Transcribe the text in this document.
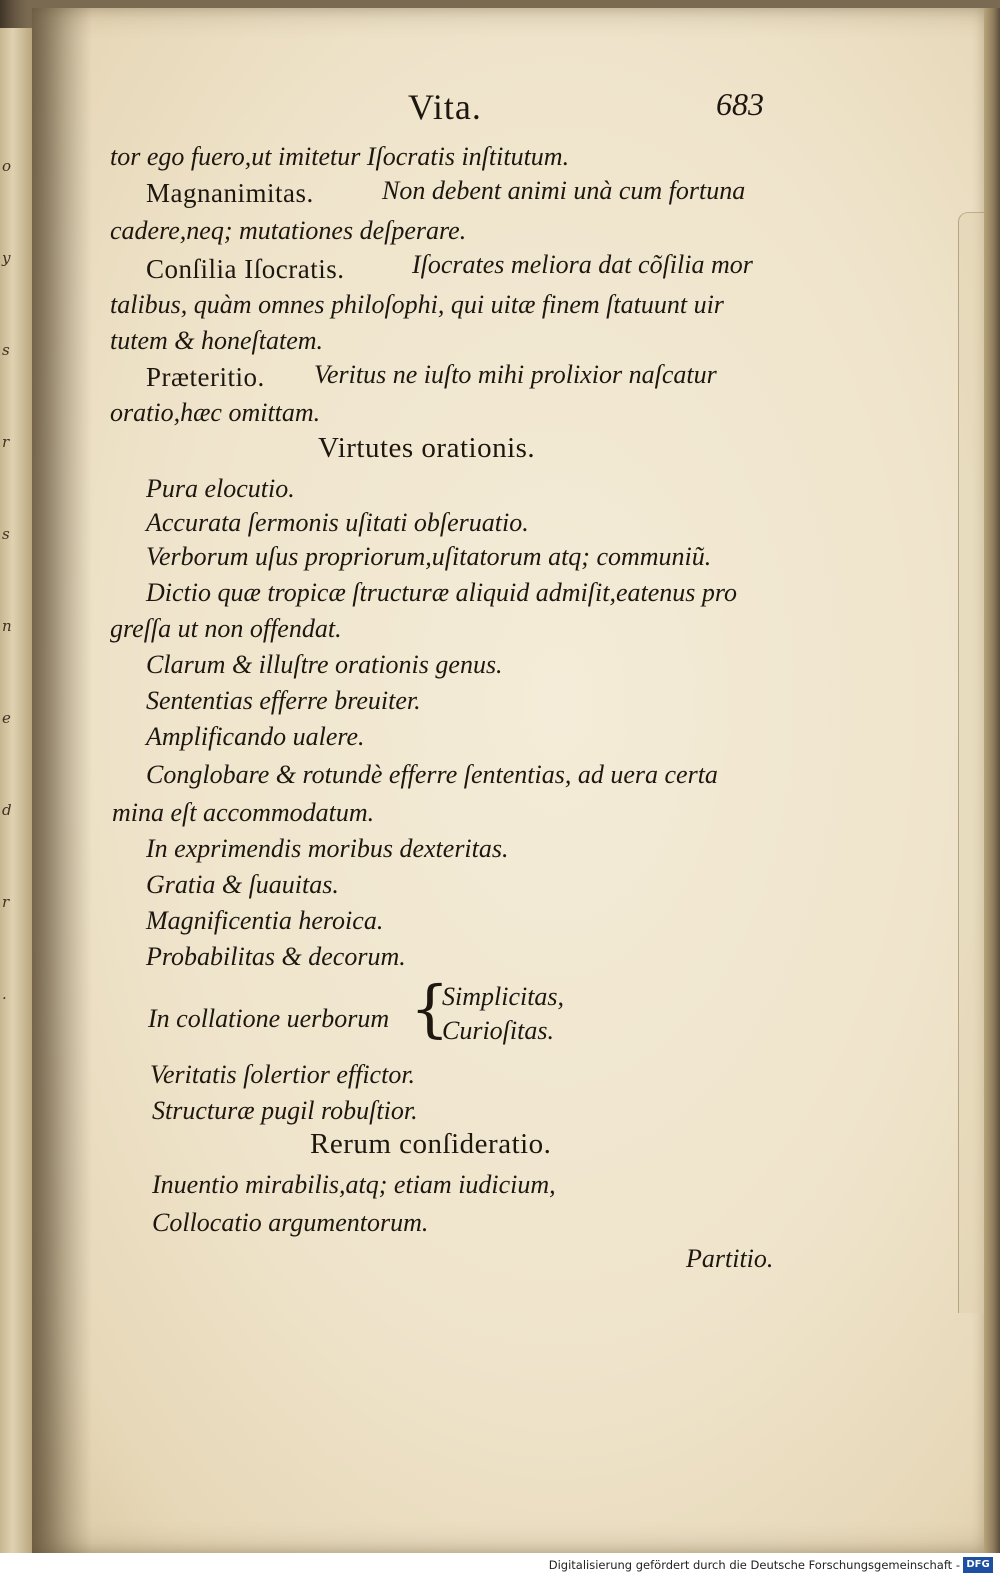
o
y
s
r
s
n
e
d
r
.
Vita.	683
tor ego fuero,ut imitetur Iſocratis inſtitutum.
Magnanimitas.	Non debent animi unà cum fortuna
cadere,neq; mutationes deſperare.
Conſilia Iſocratis.	Iſocrates meliora dat cõſilia mor
talibus, quàm omnes philoſophi, qui uitæ finem ſtatuunt uir
tutem & honeſtatem.
Præteritio. Veritus ne iuſto mihi prolixior naſcatur
oratio,hæc omittam.
Virtutes orationis.
Pura elocutio.
Accurata ſermonis uſitati obſeruatio.
Verborum uſus propriorum,uſitatorum atq; communiũ.
Dictio quæ tropicæ ſtructuræ aliquid admiſit,eatenus pro
greſſa ut non offendat.
Clarum & illuſtre orationis genus.
Sententias efferre breuiter.
Amplificando ualere.
Conglobare & rotundè efferre ſententias, ad uera certa
mina eſt accommodatum.
In exprimendis moribus dexteritas.
Gratia & ſuauitas.
Magnificentia heroica.
Probabilitas & decorum.
In collatione uerborum {
Simplicitas,
Curioſitas.
Veritatis ſolertior effictor.
Structuræ pugil robuſtior.
Rerum conſideratio.
Inuentio mirabilis,atq; etiam iudicium,
Collocatio argumentorum.
Partitio.
Digitalisierung gefördert durch die Deutsche Forschungsgemeinschaft - DFG
